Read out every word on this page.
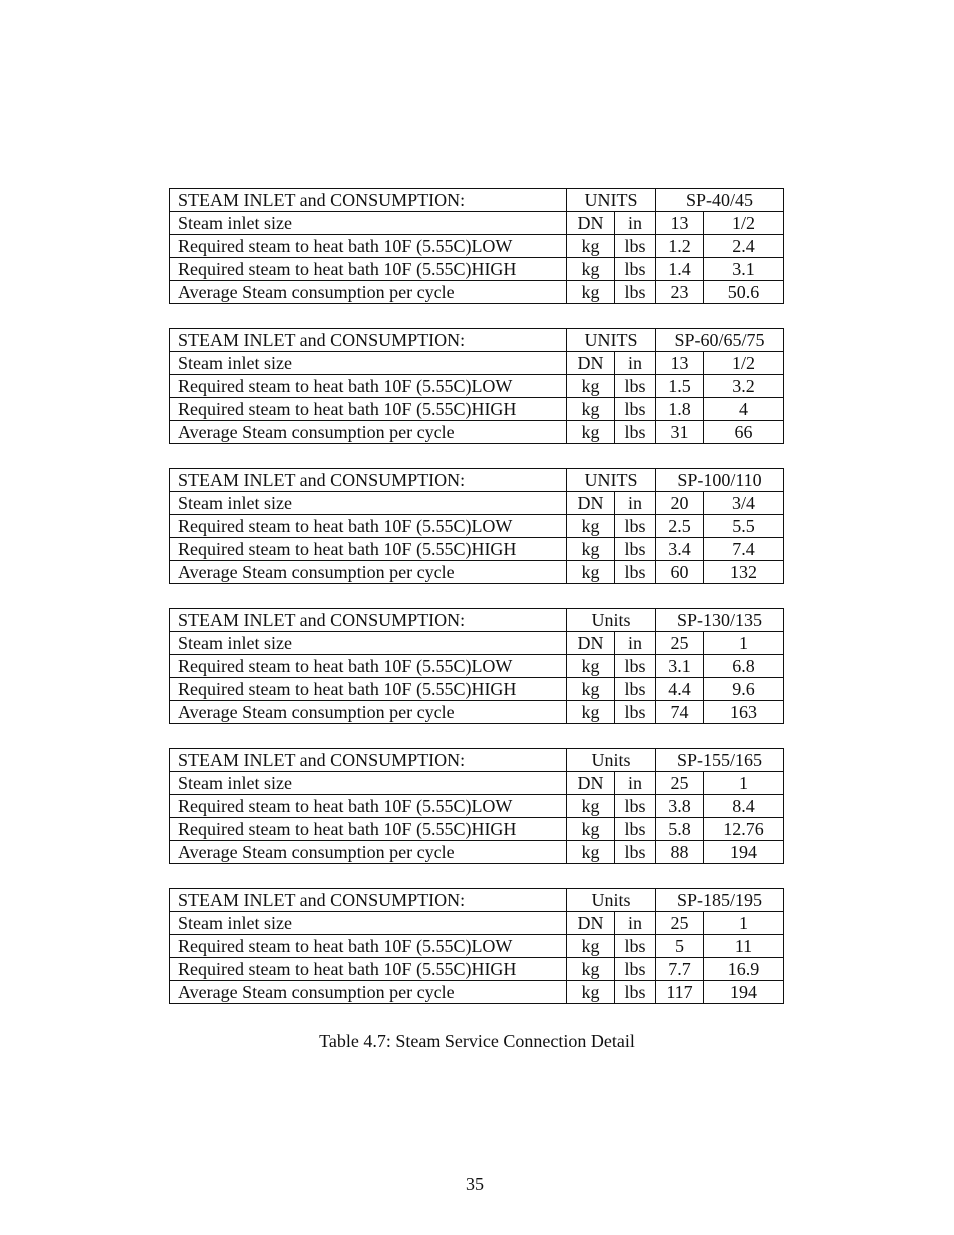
STEAM INLET and CONSUMPTION:	UNITS		SP-40/45	
Steam inlet size	DN	in	13	1/2
Required steam to heat bath 10F (5.55C)LOW	kg	lbs	1.2	2.4
Required steam to heat bath 10F (5.55C)HIGH	kg	lbs	1.4	3.1
Average Steam consumption per cycle	kg	lbs	23	50.6
STEAM INLET and CONSUMPTION:	UNITS		SP-60/65/75	
Steam inlet size	DN	in	13	1/2
Required steam to heat bath 10F (5.55C)LOW	kg	lbs	1.5	3.2
Required steam to heat bath 10F (5.55C)HIGH	kg	lbs	1.8	4
Average Steam consumption per cycle	kg	lbs	31	66
STEAM INLET and CONSUMPTION:	UNITS		SP-100/110	
Steam inlet size	DN	in	20	3/4
Required steam to heat bath 10F (5.55C)LOW	kg	lbs	2.5	5.5
Required steam to heat bath 10F (5.55C)HIGH	kg	lbs	3.4	7.4
Average Steam consumption per cycle	kg	lbs	60	132
STEAM INLET and CONSUMPTION:	Units		SP-130/135	
Steam inlet size	DN	in	25	1
Required steam to heat bath 10F (5.55C)LOW	kg	lbs	3.1	6.8
Required steam to heat bath 10F (5.55C)HIGH	kg	lbs	4.4	9.6
Average Steam consumption per cycle	kg	lbs	74	163
STEAM INLET and CONSUMPTION:	Units		SP-155/165	
Steam inlet size	DN	in	25	1
Required steam to heat bath 10F (5.55C)LOW	kg	lbs	3.8	8.4
Required steam to heat bath 10F (5.55C)HIGH	kg	lbs	5.8	12.76
Average Steam consumption per cycle	kg	lbs	88	194
STEAM INLET and CONSUMPTION:	Units		SP-185/195	
Steam inlet size	DN	in	25	1
Required steam to heat bath 10F (5.55C)LOW	kg	lbs	5	11
Required steam to heat bath 10F (5.55C)HIGH	kg	lbs	7.7	16.9
Average Steam consumption per cycle	kg	lbs	117	194
Table 4.7: Steam Service Connection Detail
35
